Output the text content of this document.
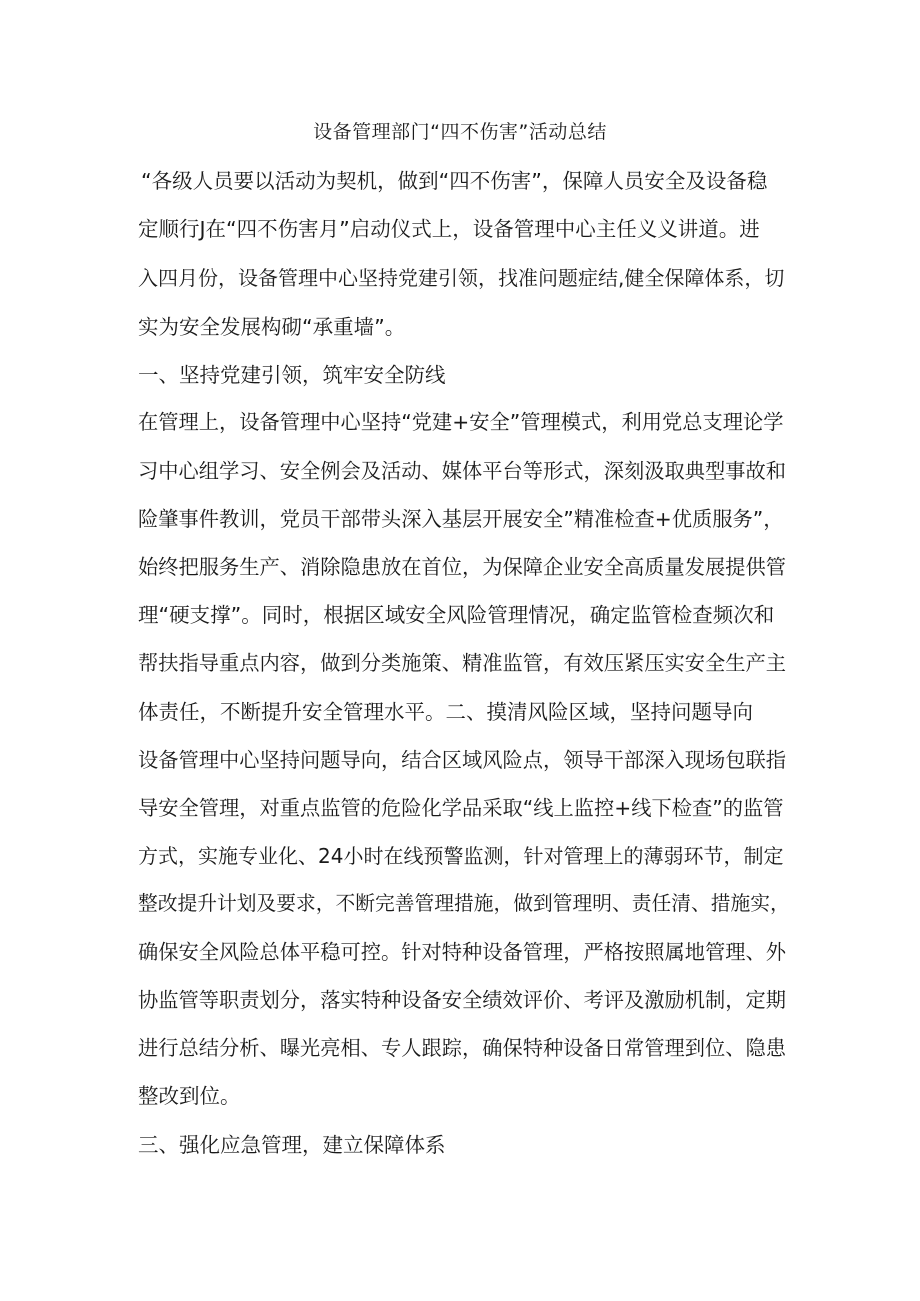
设备管理部门“四不伤害”活动总结
“各级人员要以活动为契机，做到“四不伤害”，保障人员安全及设备稳
定顺行J在“四不伤害月”启动仪式上，设备管理中心主任义义讲道。进
入四月份，设备管理中心坚持党建引领，找准问题症结,健全保障体系，切
实为安全发展构砌“承重墙”。
一、坚持党建引领，筑牢安全防线
在管理上，设备管理中心坚持“党建+安全”管理模式，利用党总支理论学
习中心组学习、安全例会及活动、媒体平台等形式，深刻汲取典型事故和
险肇事件教训，党员干部带头深入基层开展安全”精准检查+优质服务”，
始终把服务生产、消除隐患放在首位，为保障企业安全高质量发展提供管
理“硬支撑”。同时，根据区域安全风险管理情况，确定监管检查频次和
帮扶指导重点内容，做到分类施策、精准监管，有效压紧压实安全生产主
体责任，不断提升安全管理水平。二、摸清风险区域，坚持问题导向
设备管理中心坚持问题导向，结合区域风险点，领导干部深入现场包联指
导安全管理，对重点监管的危险化学品采取“线上监控+线下检查”的监管
方式，实施专业化、24小时在线预警监测，针对管理上的薄弱环节，制定
整改提升计划及要求，不断完善管理措施，做到管理明、责任清、措施实，
确保安全风险总体平稳可控。针对特种设备管理，严格按照属地管理、外
协监管等职责划分，落实特种设备安全绩效评价、考评及激励机制，定期
进行总结分析、曝光亮相、专人跟踪，确保特种设备日常管理到位、隐患
整改到位。
三、强化应急管理，建立保障体系
